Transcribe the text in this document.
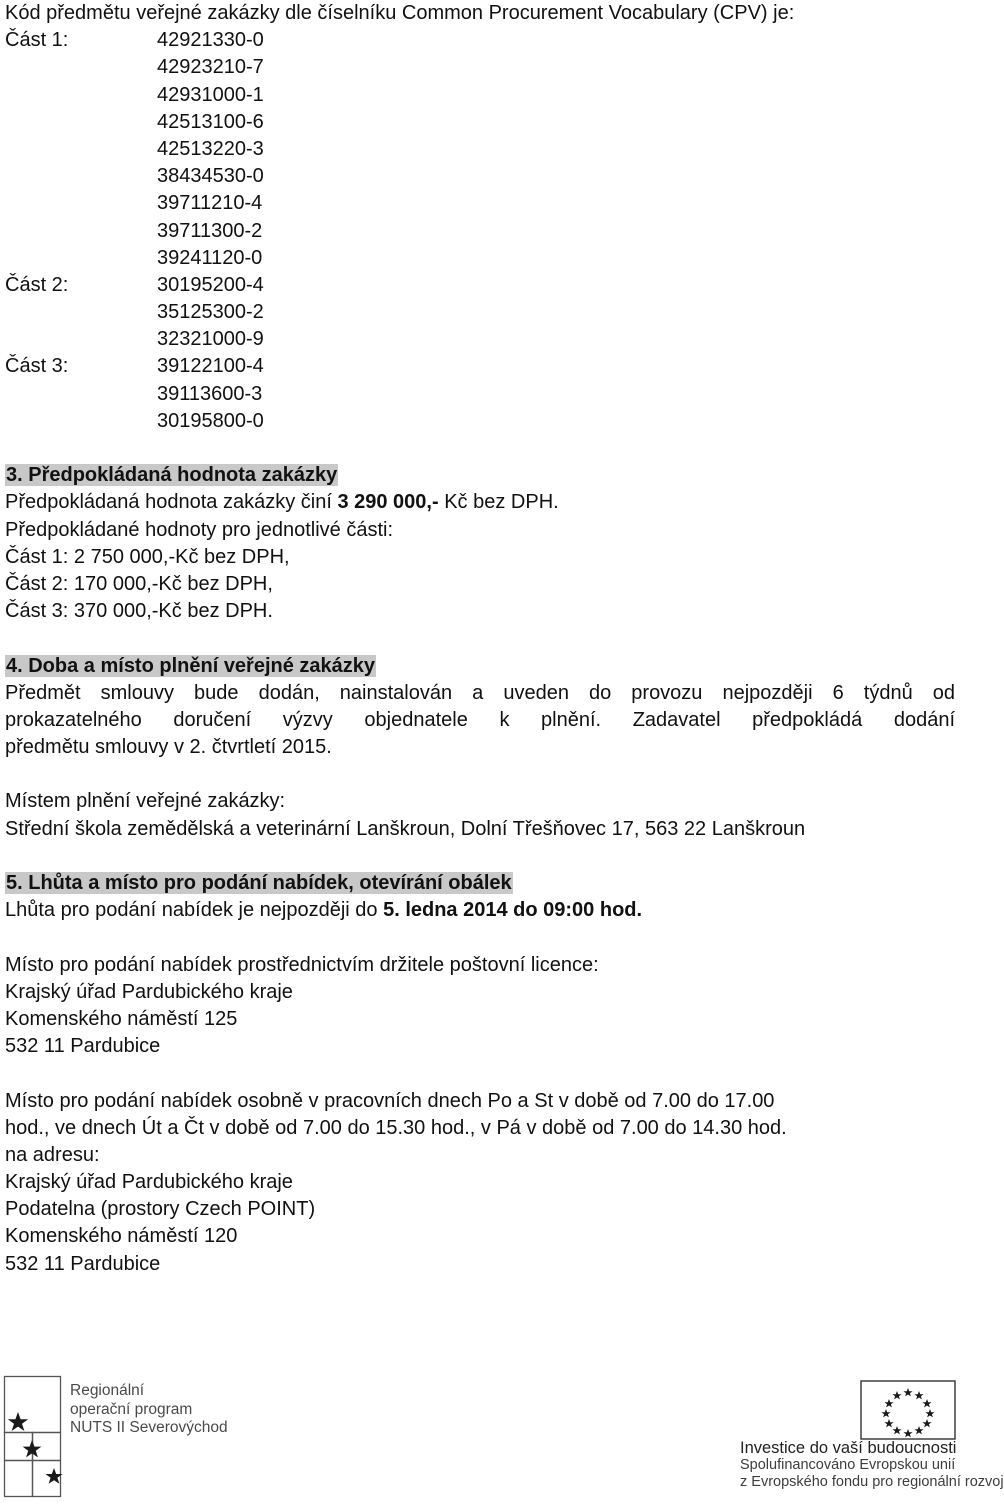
Kód předmětu veřejné zakázky dle číselníku Common Procurement Vocabulary (CPV) je:
Část 1:	42921330-0
42923210-7
42931000-1
42513100-6
42513220-3
38434530-0
39711210-4
39711300-2
39241120-0
Část 2:	30195200-4
35125300-2
32321000-9
Část 3:	39122100-4
39113600-3
30195800-0
3. Předpokládaná hodnota zakázky
Předpokládaná hodnota zakázky činí 3 290 000,- Kč bez DPH.
Předpokládané hodnoty pro jednotlivé části:
Část 1: 2 750 000,-Kč bez DPH,
Část 2: 170 000,-Kč bez DPH,
Část 3: 370 000,-Kč bez DPH.
4. Doba a místo plnění veřejné zakázky
Předmět smlouvy bude dodán, nainstalován a uveden do provozu nejpozději 6 týdnů od
prokazatelného doručení výzvy objednatele k plnění. Zadavatel předpokládá dodání
předmětu smlouvy v 2. čtvrtletí 2015.
Místem plnění veřejné zakázky:
Střední škola zemědělská a veterinární Lanškroun, Dolní Třešňovec 17, 563 22 Lanškroun
5. Lhůta a místo pro podání nabídek, otevírání obálek
Lhůta pro podání nabídek je nejpozději do 5. ledna 2014 do 09:00 hod.
Místo pro podání nabídek prostřednictvím držitele poštovní licence:
Krajský úřad Pardubického kraje
Komenského náměstí 125
532 11 Pardubice
Místo pro podání nabídek osobně v pracovních dnech Po a St v době od 7.00 do 17.00
hod., ve dnech Út a Čt v době od 7.00 do 15.30 hod., v Pá v době od 7.00 do 14.30 hod.
na adresu:
Krajský úřad Pardubického kraje
Podatelna (prostory Czech POINT)
Komenského náměstí 120
532 11 Pardubice
Regionální
operační program
NUTS II Severovýchod
Investice do vaší budoucnosti
Spolufinancováno Evropskou unií
z Evropského fondu pro regionální rozvoj
